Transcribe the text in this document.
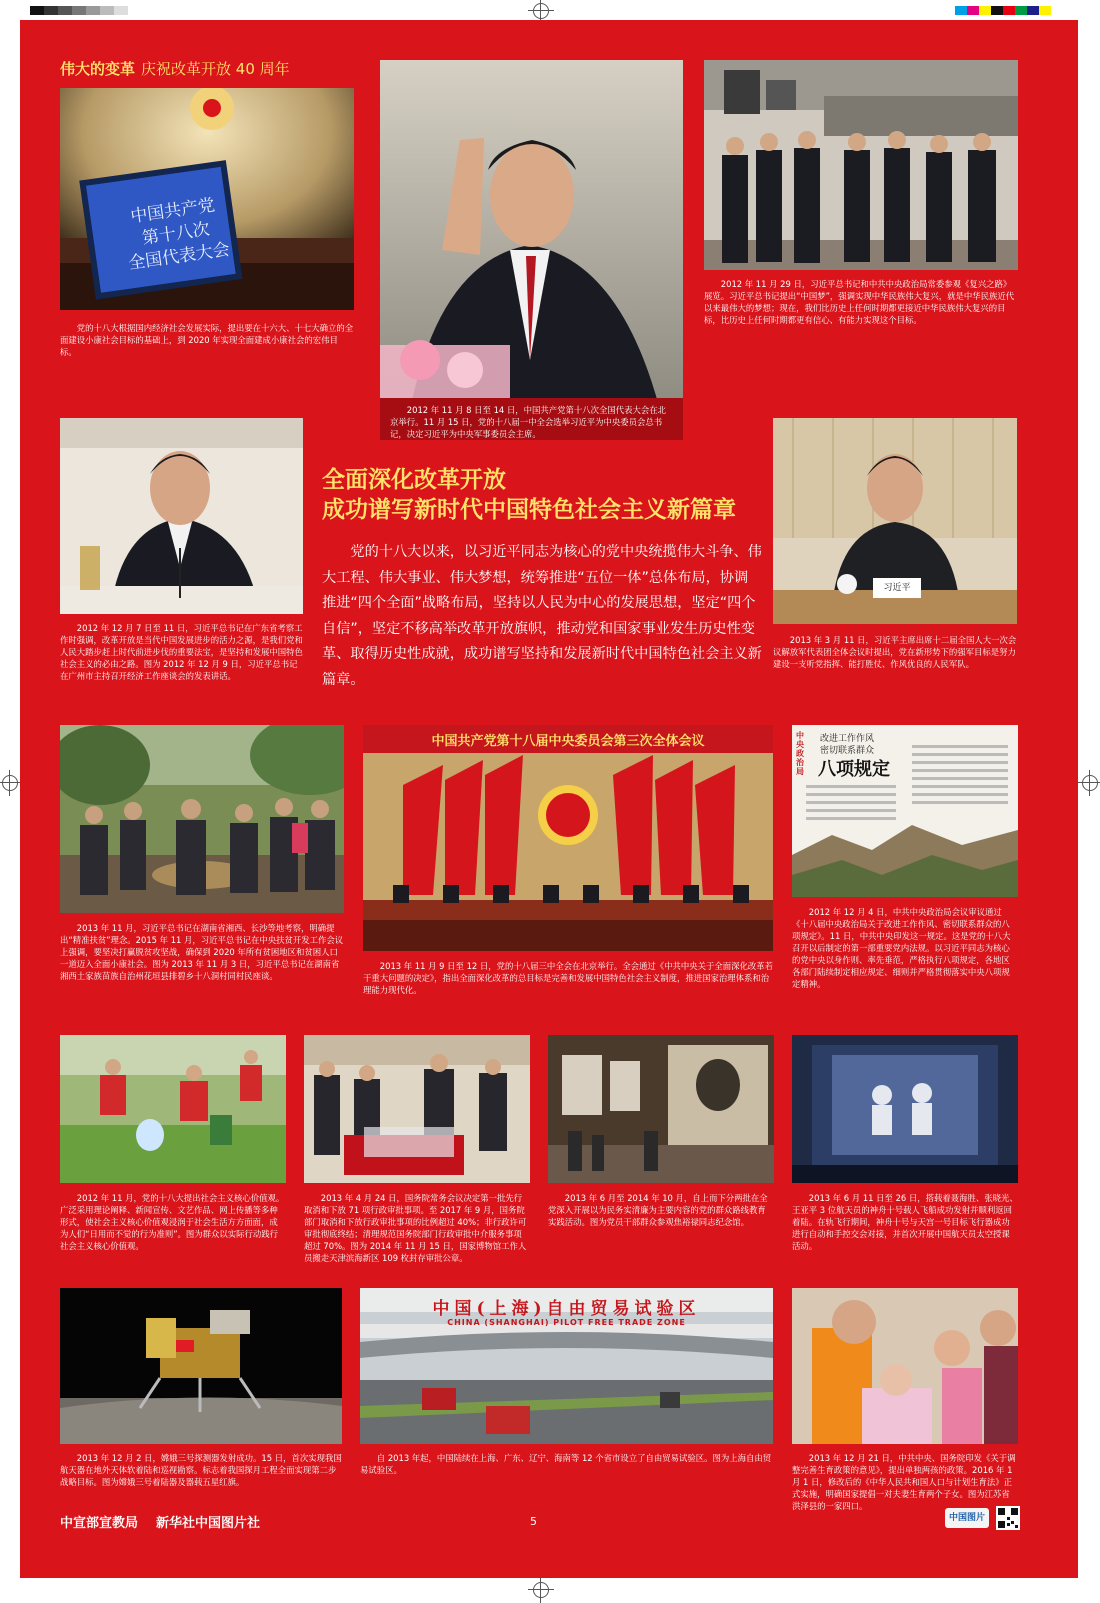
伟大的变革 庆祝改革开放 40 周年
中国共产党
第十八次
全国代表大会
党的十八大根据国内经济社会发展实际，提出要在十六大、十七大确立的全面建设小康社会目标的基础上，到 2020 年实现全面建成小康社会的宏伟目标。
2012 年 11 月 8 日至 14 日，中国共产党第十八次全国代表大会在北京举行。11 月 15 日，党的十八届一中全会选举习近平为中央委员会总书记，决定习近平为中央军事委员会主席。
2012 年 11 月 29 日，习近平总书记和中共中央政治局常委参观《复兴之路》展览。习近平总书记提出“中国梦”，强调实现中华民族伟大复兴，就是中华民族近代以来最伟大的梦想；现在，我们比历史上任何时期都更接近中华民族伟大复兴的目标，比历史上任何时期都更有信心、有能力实现这个目标。
2012 年 12 月 7 日至 11 日，习近平总书记在广东省考察工作时强调，改革开放是当代中国发展进步的活力之源，是我们党和人民大踏步赶上时代前进步伐的重要法宝，是坚持和发展中国特色社会主义的必由之路。图为 2012 年 12 月 9 日，习近平总书记在广州市主持召开经济工作座谈会的发表讲话。
全面深化改革开放
成功谱写新时代中国特色社会主义新篇章
党的十八大以来，以习近平同志为核心的党中央统揽伟大斗争、伟大工程、伟大事业、伟大梦想，统筹推进“五位一体”总体布局，协调推进“四个全面”战略布局，坚持以人民为中心的发展思想，坚定“四个自信”，坚定不移高举改革开放旗帜，推动党和国家事业发生历史性变革、取得历史性成就，成功谱写坚持和发展新时代中国特色社会主义新篇章。
习近平
2013 年 3 月 11 日，习近平主席出席十二届全国人大一次会议解放军代表团全体会议时提出，党在新形势下的强军目标是努力建设一支听党指挥、能打胜仗、作风优良的人民军队。
2013 年 11 月，习近平总书记在湖南省湘西、长沙等地考察，明确提出“精准扶贫”理念。2015 年 11 月，习近平总书记在中央扶贫开发工作会议上强调，要坚决打赢脱贫攻坚战，确保到 2020 年所有贫困地区和贫困人口一道迈入全面小康社会。图为 2013 年 11 月 3 日，习近平总书记在湖南省湘西土家族苗族自治州花垣县排碧乡十八洞村同村民座谈。
中国共产党第十八届中央委员会第三次全体会议
2013 年 11 月 9 日至 12 日，党的十八届三中全会在北京举行。全会通过《中共中央关于全面深化改革若干重大问题的决定》，指出全面深化改革的总目标是完善和发展中国特色社会主义制度，推进国家治理体系和治理能力现代化。
中央政治局
改进工作作风
密切联系群众
八项规定
2012 年 12 月 4 日，中共中央政治局会议审议通过《十八届中央政治局关于改进工作作风、密切联系群众的八项规定》。11 日，中共中央印发这一规定。这是党的十八大召开以后制定的第一部重要党内法规。以习近平同志为核心的党中央以身作则、率先垂范，严格执行八项规定，各地区各部门陆续制定相应规定、细则并严格贯彻落实中央八项规定精神。
2012 年 11 月，党的十八大提出社会主义核心价值观。广泛采用理论阐释、新闻宣传、文艺作品、网上传播等多种形式，使社会主义核心价值观浸润于社会生活方方面面，成为人们“日用而不觉的行为准则”。图为群众以实际行动践行社会主义核心价值观。
2013 年 4 月 24 日，国务院常务会议决定第一批先行取消和下放 71 项行政审批事项。至 2017 年 9 月，国务院部门取消和下放行政审批事项的比例超过 40%；非行政许可审批彻底终结；清理规范国务院部门行政审批中介服务事项超过 70%。图为 2014 年 11 月 15 日，国家博物馆工作人员搬走天津滨海新区 109 枚封存审批公章。
2013 年 6 月至 2014 年 10 月，自上而下分两批在全党深入开展以为民务实清廉为主要内容的党的群众路线教育实践活动。图为党员干部群众参观焦裕禄同志纪念馆。
2013 年 6 月 11 日至 26 日，搭载着聂海胜、张晓光、王亚平 3 位航天员的神舟十号载人飞船成功发射并顺利返回着陆。在轨飞行期间，神舟十号与天宫一号目标飞行器成功进行自动和手控交会对接，并首次开展中国航天员太空授课活动。
2013 年 12 月 2 日，嫦娥三号探测器发射成功。15 日，首次实现我国航天器在地外天体软着陆和巡视勘察。标志着我国探月工程全面实现第二步战略目标。图为嫦娥三号着陆器及器载五星红旗。
中国(上海)自由贸易试验区
CHINA (SHANGHAI) PILOT FREE TRADE ZONE
自 2013 年起，中国陆续在上海、广东、辽宁、海南等 12 个省市设立了自由贸易试验区。图为上海自由贸易试验区。
2013 年 12 月 21 日，中共中央、国务院印发《关于调整完善生育政策的意见》，提出单独两孩的政策。2016 年 1 月 1 日，修改后的《中华人民共和国人口与计划生育法》正式实施，明确国家提倡一对夫妻生育两个子女。图为江苏省洪泽县的一家四口。
中宣部宣教局 新华社中国图片社	5	中国图片
